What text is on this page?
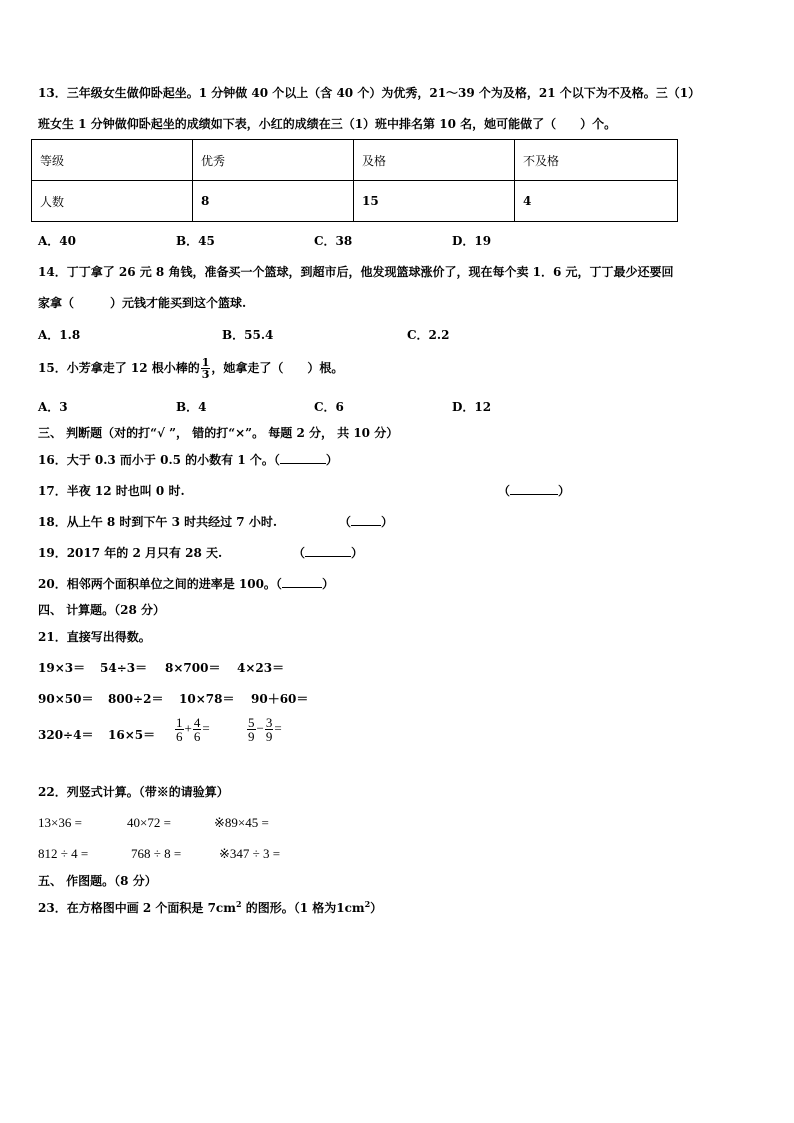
13．三年级女生做仰卧起坐。1 分钟做 40 个以上（含 40 个）为优秀，21～39 个为及格，21 个以下为不及格。三（1）
班女生 1 分钟做仰卧起坐的成绩如下表，小红的成绩在三（1）班中排名第 10 名，她可能做了（　　）个。
等级	优秀	及格	不及格
人数	8	15	4
A．40	B．45	C．38	D．19
14．丁丁拿了 26 元 8 角钱，准备买一个篮球，到超市后，他发现篮球涨价了，现在每个卖 1．6 元，丁丁最少还要回
家拿（　　　）元钱才能买到这个篮球.
A．1.8	B．55.4	C．2.2
15．小芳拿走了 12 根小棒的 $\frac{1}{3}$ ，她拿走了（　　）根。
A．3	B．4	C．6	D．12
三、 判断题（对的打“√ ”， 错的打“×”。 每题 2 分， 共 10 分）
16．大于 0.3 而小于 0.5 的小数有 1 个。（	）
17．半夜 12 时也叫 0 时.	（	）
18．从上午 8 时到下午 3 时共经过 7 小时.	（	）
19．2017 年的 2 月只有 28 天.	（	）
20．相邻两个面积单位之间的进率是 100。（	）
四、 计算题。（28 分）
21．直接写出得数。
19×3＝ 54÷3＝ 8×700＝ 4×23＝
90×50＝ 800÷2＝ 10×78＝ 90＋60＝
$320\div 4= 16\times 5= \frac{1}{6} + \frac{4}{6}$ =	$\frac{5}{9} - \frac{3}{9}$ =
22．列竖式计算。（带※的请验算）
13×36 =	40×72 =	※89×45 =
812 ÷ 4 =	768 ÷ 8 =	※347 ÷ 3 =
五、 作图题。（8 分）
23．在方格图中画 2 个面积是 $7cm^2$ 的图形。（1 格为$1cm^2$）
